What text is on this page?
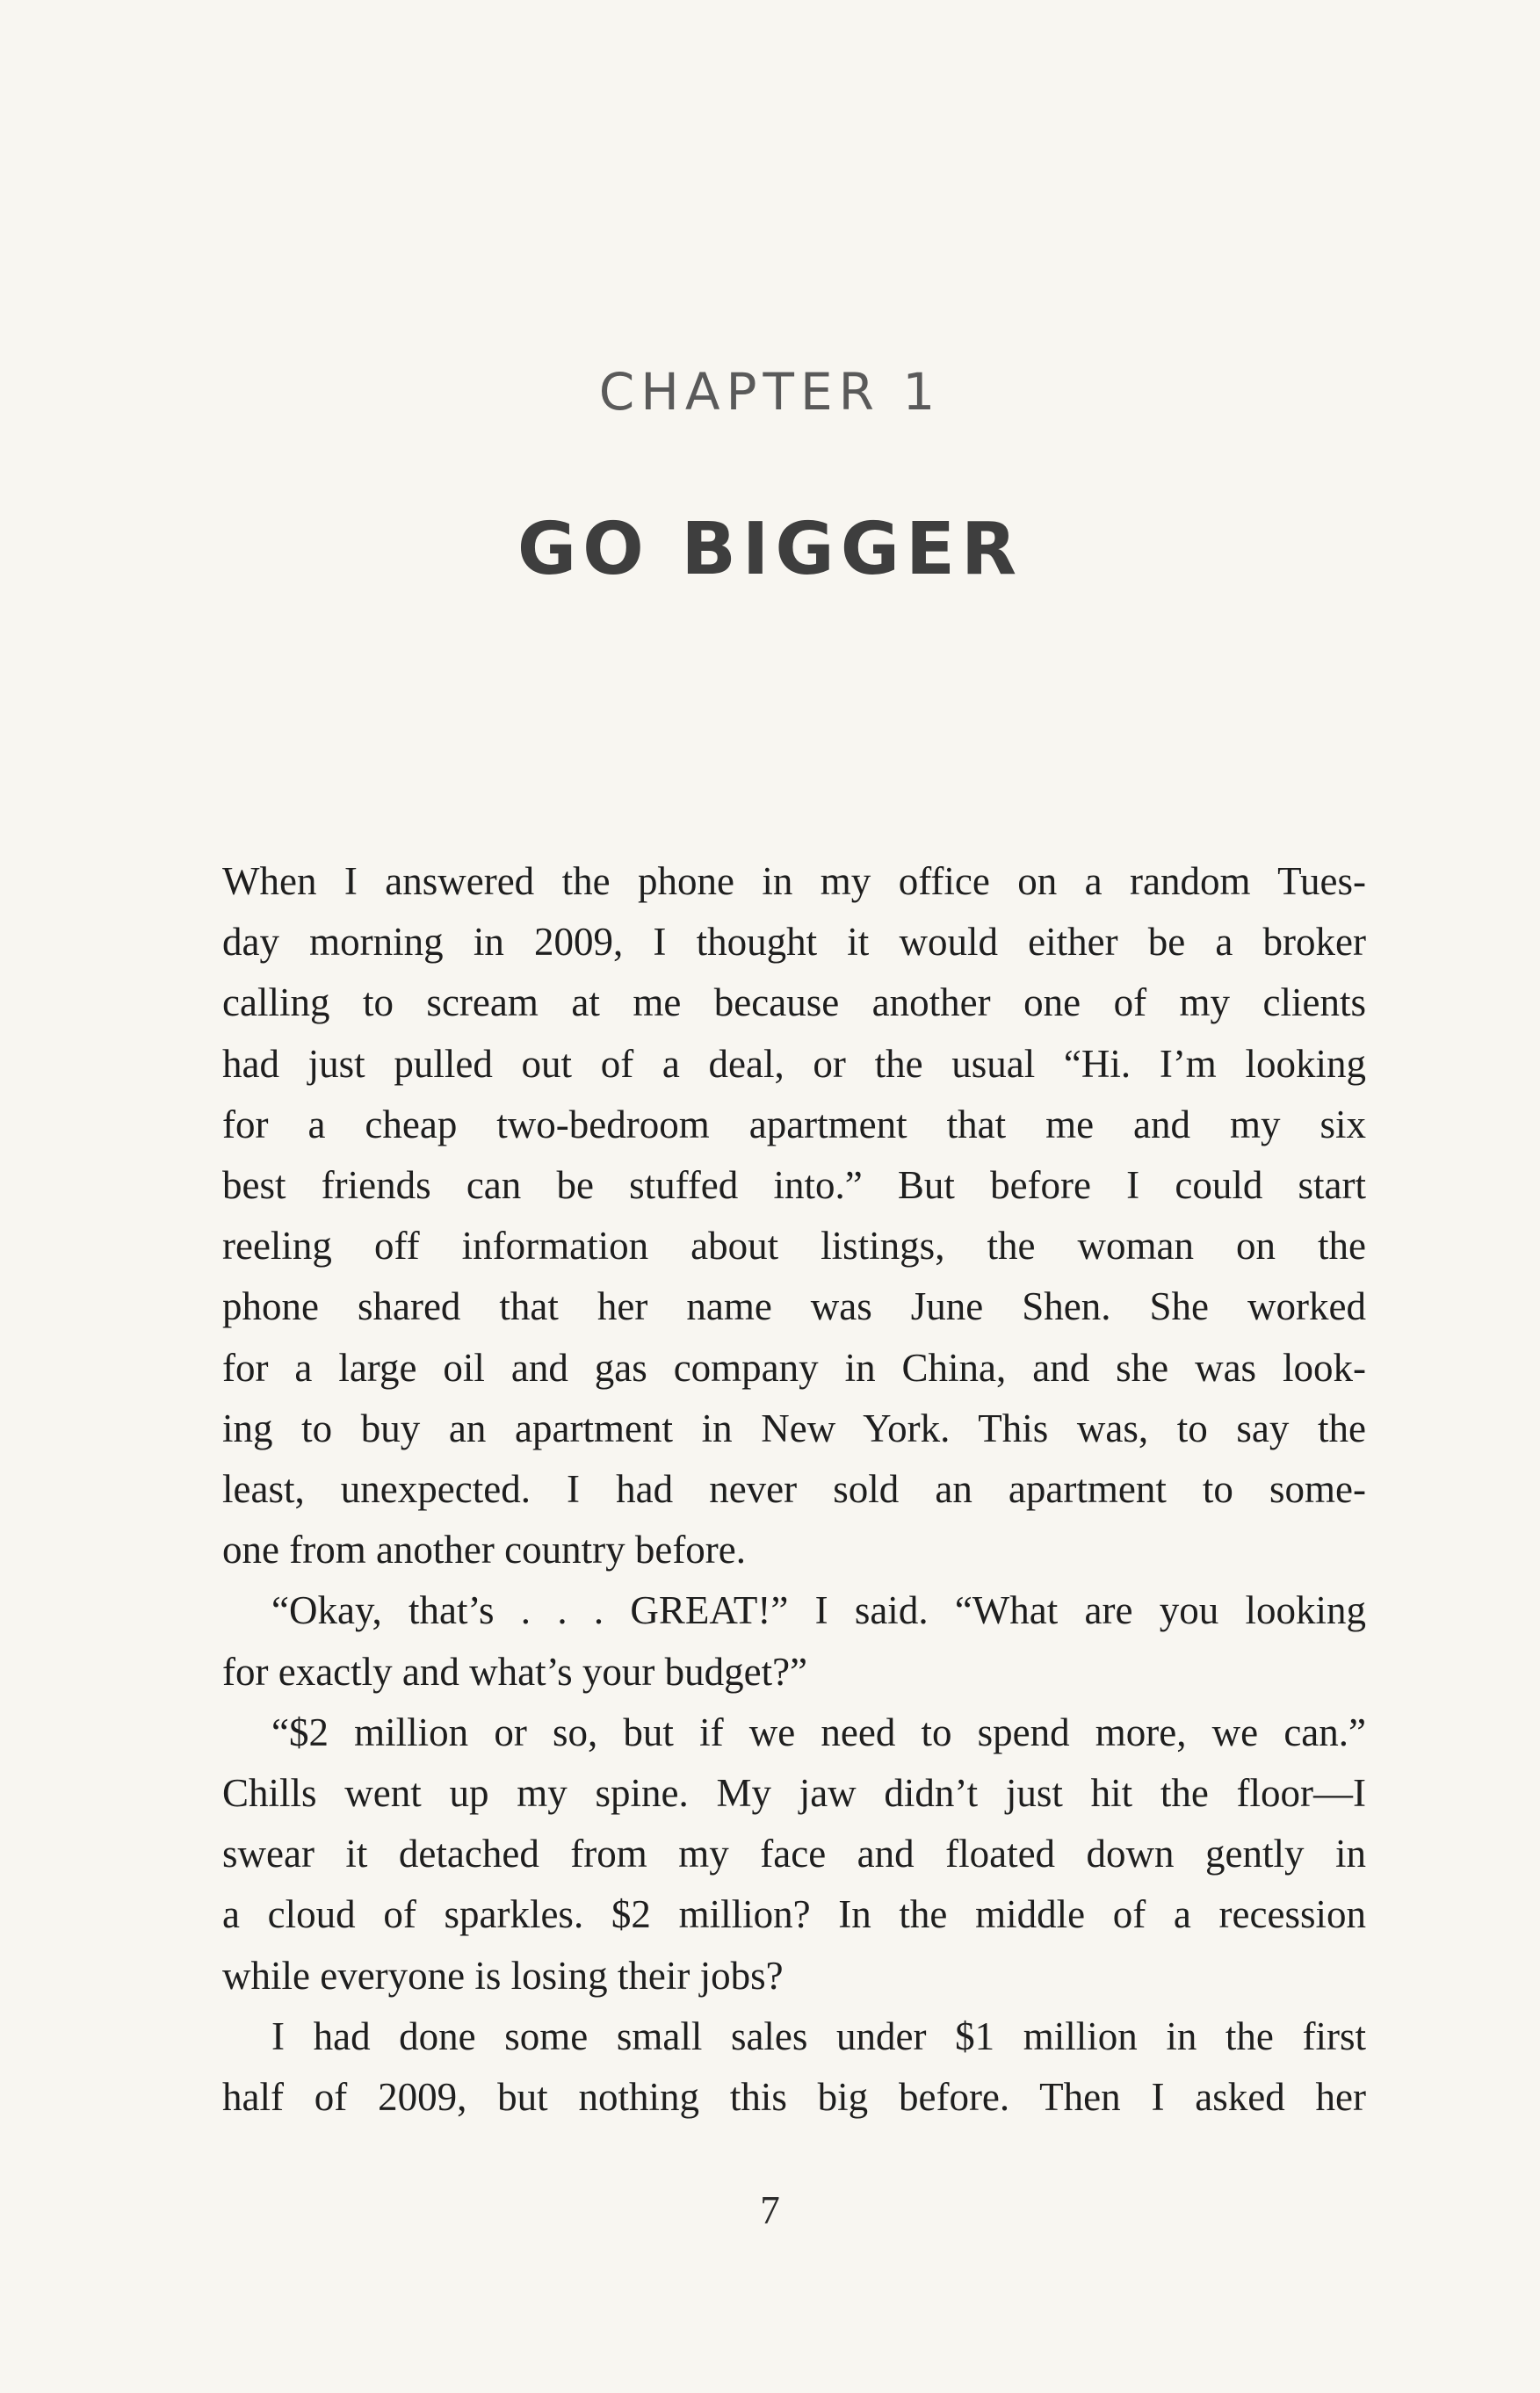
CHAPTER 1
GO BIGGER
When I answered the phone in my office on a random Tues-
day morning in 2009, I thought it would either be a broker
calling to scream at me because another one of my clients
had just pulled out of a deal, or the usual “Hi. I’m looking
for a cheap two-bedroom apartment that me and my six
best friends can be stuffed into.” But before I could start
reeling off information about listings, the woman on the
phone shared that her name was June Shen. She worked
for a large oil and gas company in China, and she was look-
ing to buy an apartment in New York. This was, to say the
least, unexpected. I had never sold an apartment to some-
one from another country before.
“Okay, that’s . . . GREAT!” I said. “What are you looking
for exactly and what’s your budget?”
“$2 million or so, but if we need to spend more, we can.”
Chills went up my spine. My jaw didn’t just hit the floor—I
swear it detached from my face and floated down gently in
a cloud of sparkles. $2 million? In the middle of a recession
while everyone is losing their jobs?
I had done some small sales under $1 million in the first
half of 2009, but nothing this big before. Then I asked her
7
